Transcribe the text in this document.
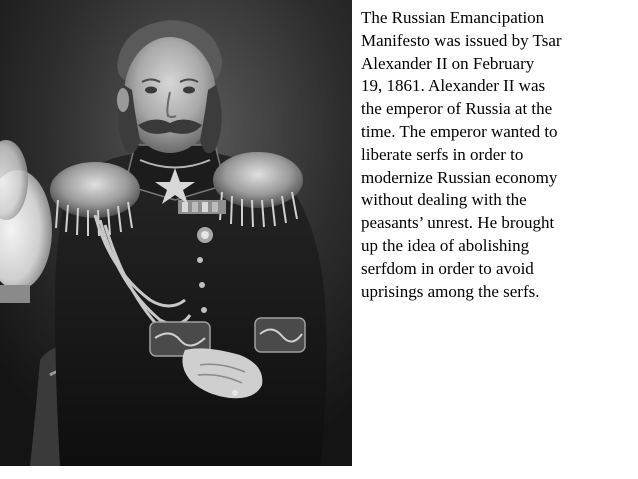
The Russian Emancipation
Manifesto was issued by Tsar
Alexander II on February
19, 1861. Alexander II was
the emperor of Russia at the
time. The emperor wanted to
liberate serfs in order to
modernize Russian economy
without dealing with the
peasants’ unrest. He brought
up the idea of abolishing
serfdom in order to avoid
uprisings among the serfs.
